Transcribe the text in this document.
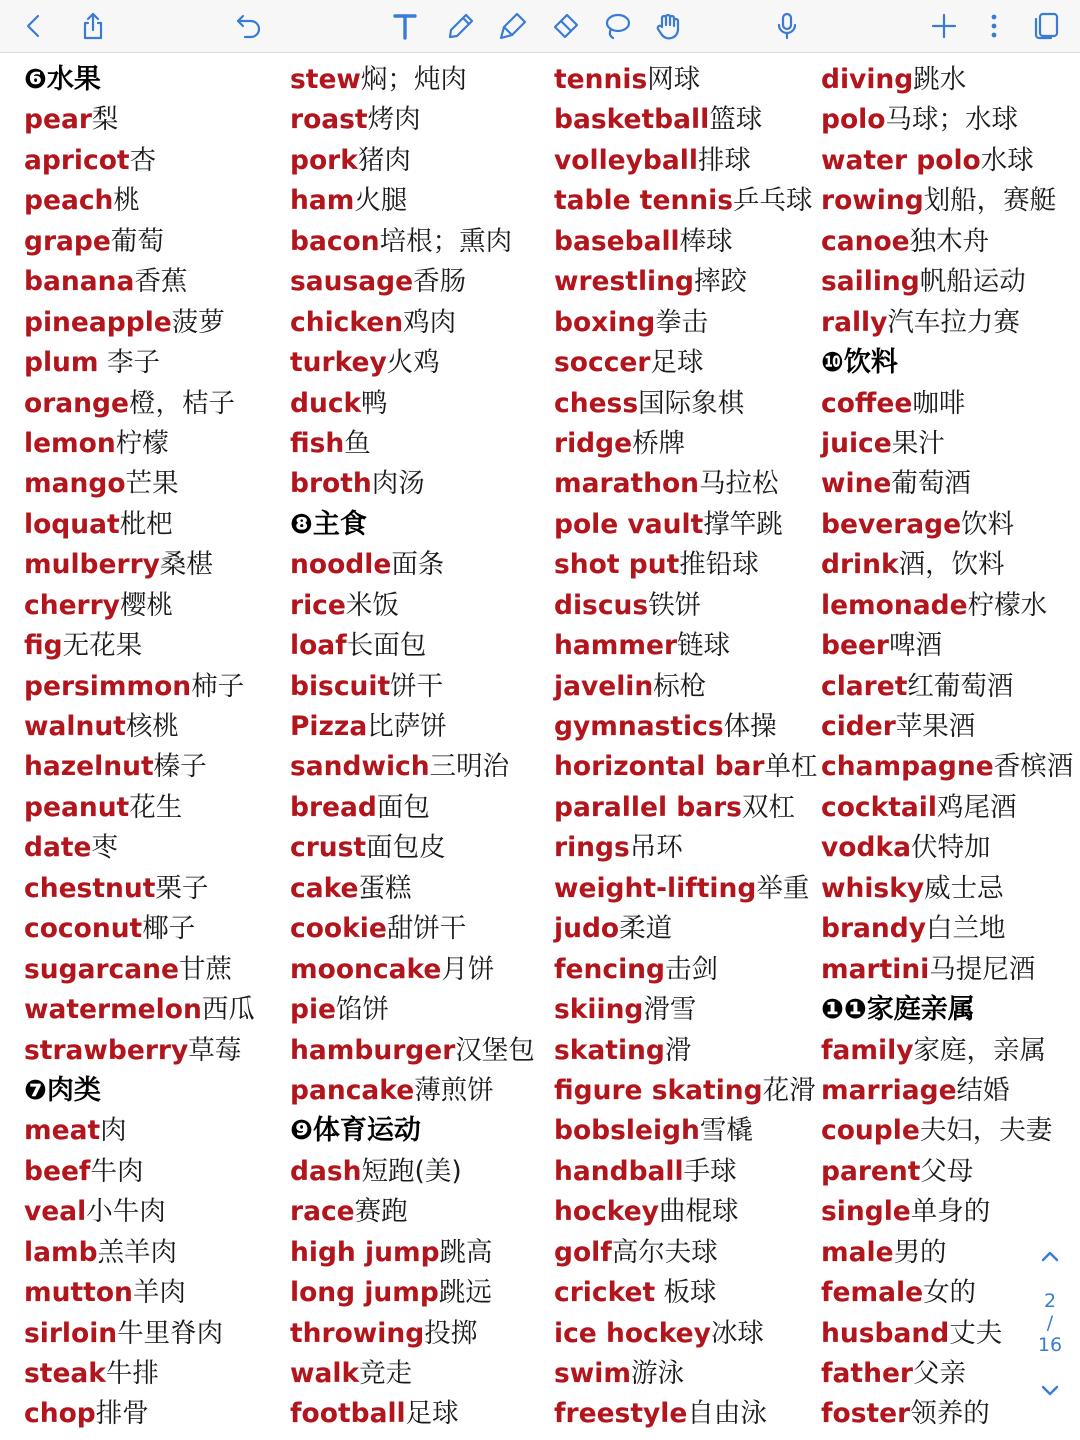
❻水果
pear梨
apricot杏
peach桃
grape葡萄
banana香蕉
pineapple菠萝
plum 李子
orange橙，桔子
lemon柠檬
mango芒果
loquat枇杷
mulberry桑椹
cherry樱桃
fig无花果
persimmon柿子
walnut核桃
hazelnut榛子
peanut花生
date枣
chestnut栗子
coconut椰子
sugarcane甘蔗
watermelon西瓜
strawberry草莓
❼肉类
meat肉
beef牛肉
veal小牛肉
lamb羔羊肉
mutton羊肉
sirloin牛里脊肉
steak牛排
chop排骨
stew焖；炖肉
roast烤肉
pork猪肉
ham火腿
bacon培根；熏肉
sausage香肠
chicken鸡肉
turkey火鸡
duck鸭
fish鱼
broth肉汤
❽主食
noodle面条
rice米饭
loaf长面包
biscuit饼干
Pizza比萨饼
sandwich三明治
bread面包
crust面包皮
cake蛋糕
cookie甜饼干
mooncake月饼
pie馅饼
hamburger汉堡包
pancake薄煎饼
❾体育运动
dash短跑(美)
race赛跑
high jump跳高
long jump跳远
throwing投掷
walk竞走
football足球
tennis网球
basketball篮球
volleyball排球
table tennis乒乓球
baseball棒球
wrestling摔跤
boxing拳击
soccer足球
chess国际象棋
ridge桥牌
marathon马拉松
pole vault撑竿跳
shot put推铅球
discus铁饼
hammer链球
javelin标枪
gymnastics体操
horizontal bar单杠
parallel bars双杠
rings吊环
weight-lifting举重
judo柔道
fencing击剑
skiing滑雪
skating滑
figure skating花滑
bobsleigh雪橇
handball手球
hockey曲棍球
golf高尔夫球
cricket 板球
ice hockey冰球
swim游泳
freestyle自由泳
diving跳水
polo马球；水球
water polo水球
rowing划船，赛艇
canoe独木舟
sailing帆船运动
rally汽车拉力赛
❿饮料
coffee咖啡
juice果汁
wine葡萄酒
beverage饮料
drink酒，饮料
lemonade柠檬水
beer啤酒
claret红葡萄酒
cider苹果酒
champagne香槟酒
cocktail鸡尾酒
vodka伏特加
whisky威士忌
brandy白兰地
martini马提尼酒
❶❶家庭亲属
family家庭，亲属
marriage结婚
couple夫妇，夫妻
parent父母
single单身的
male男的
female女的
husband丈夫
father父亲
foster领养的
2
/
16
